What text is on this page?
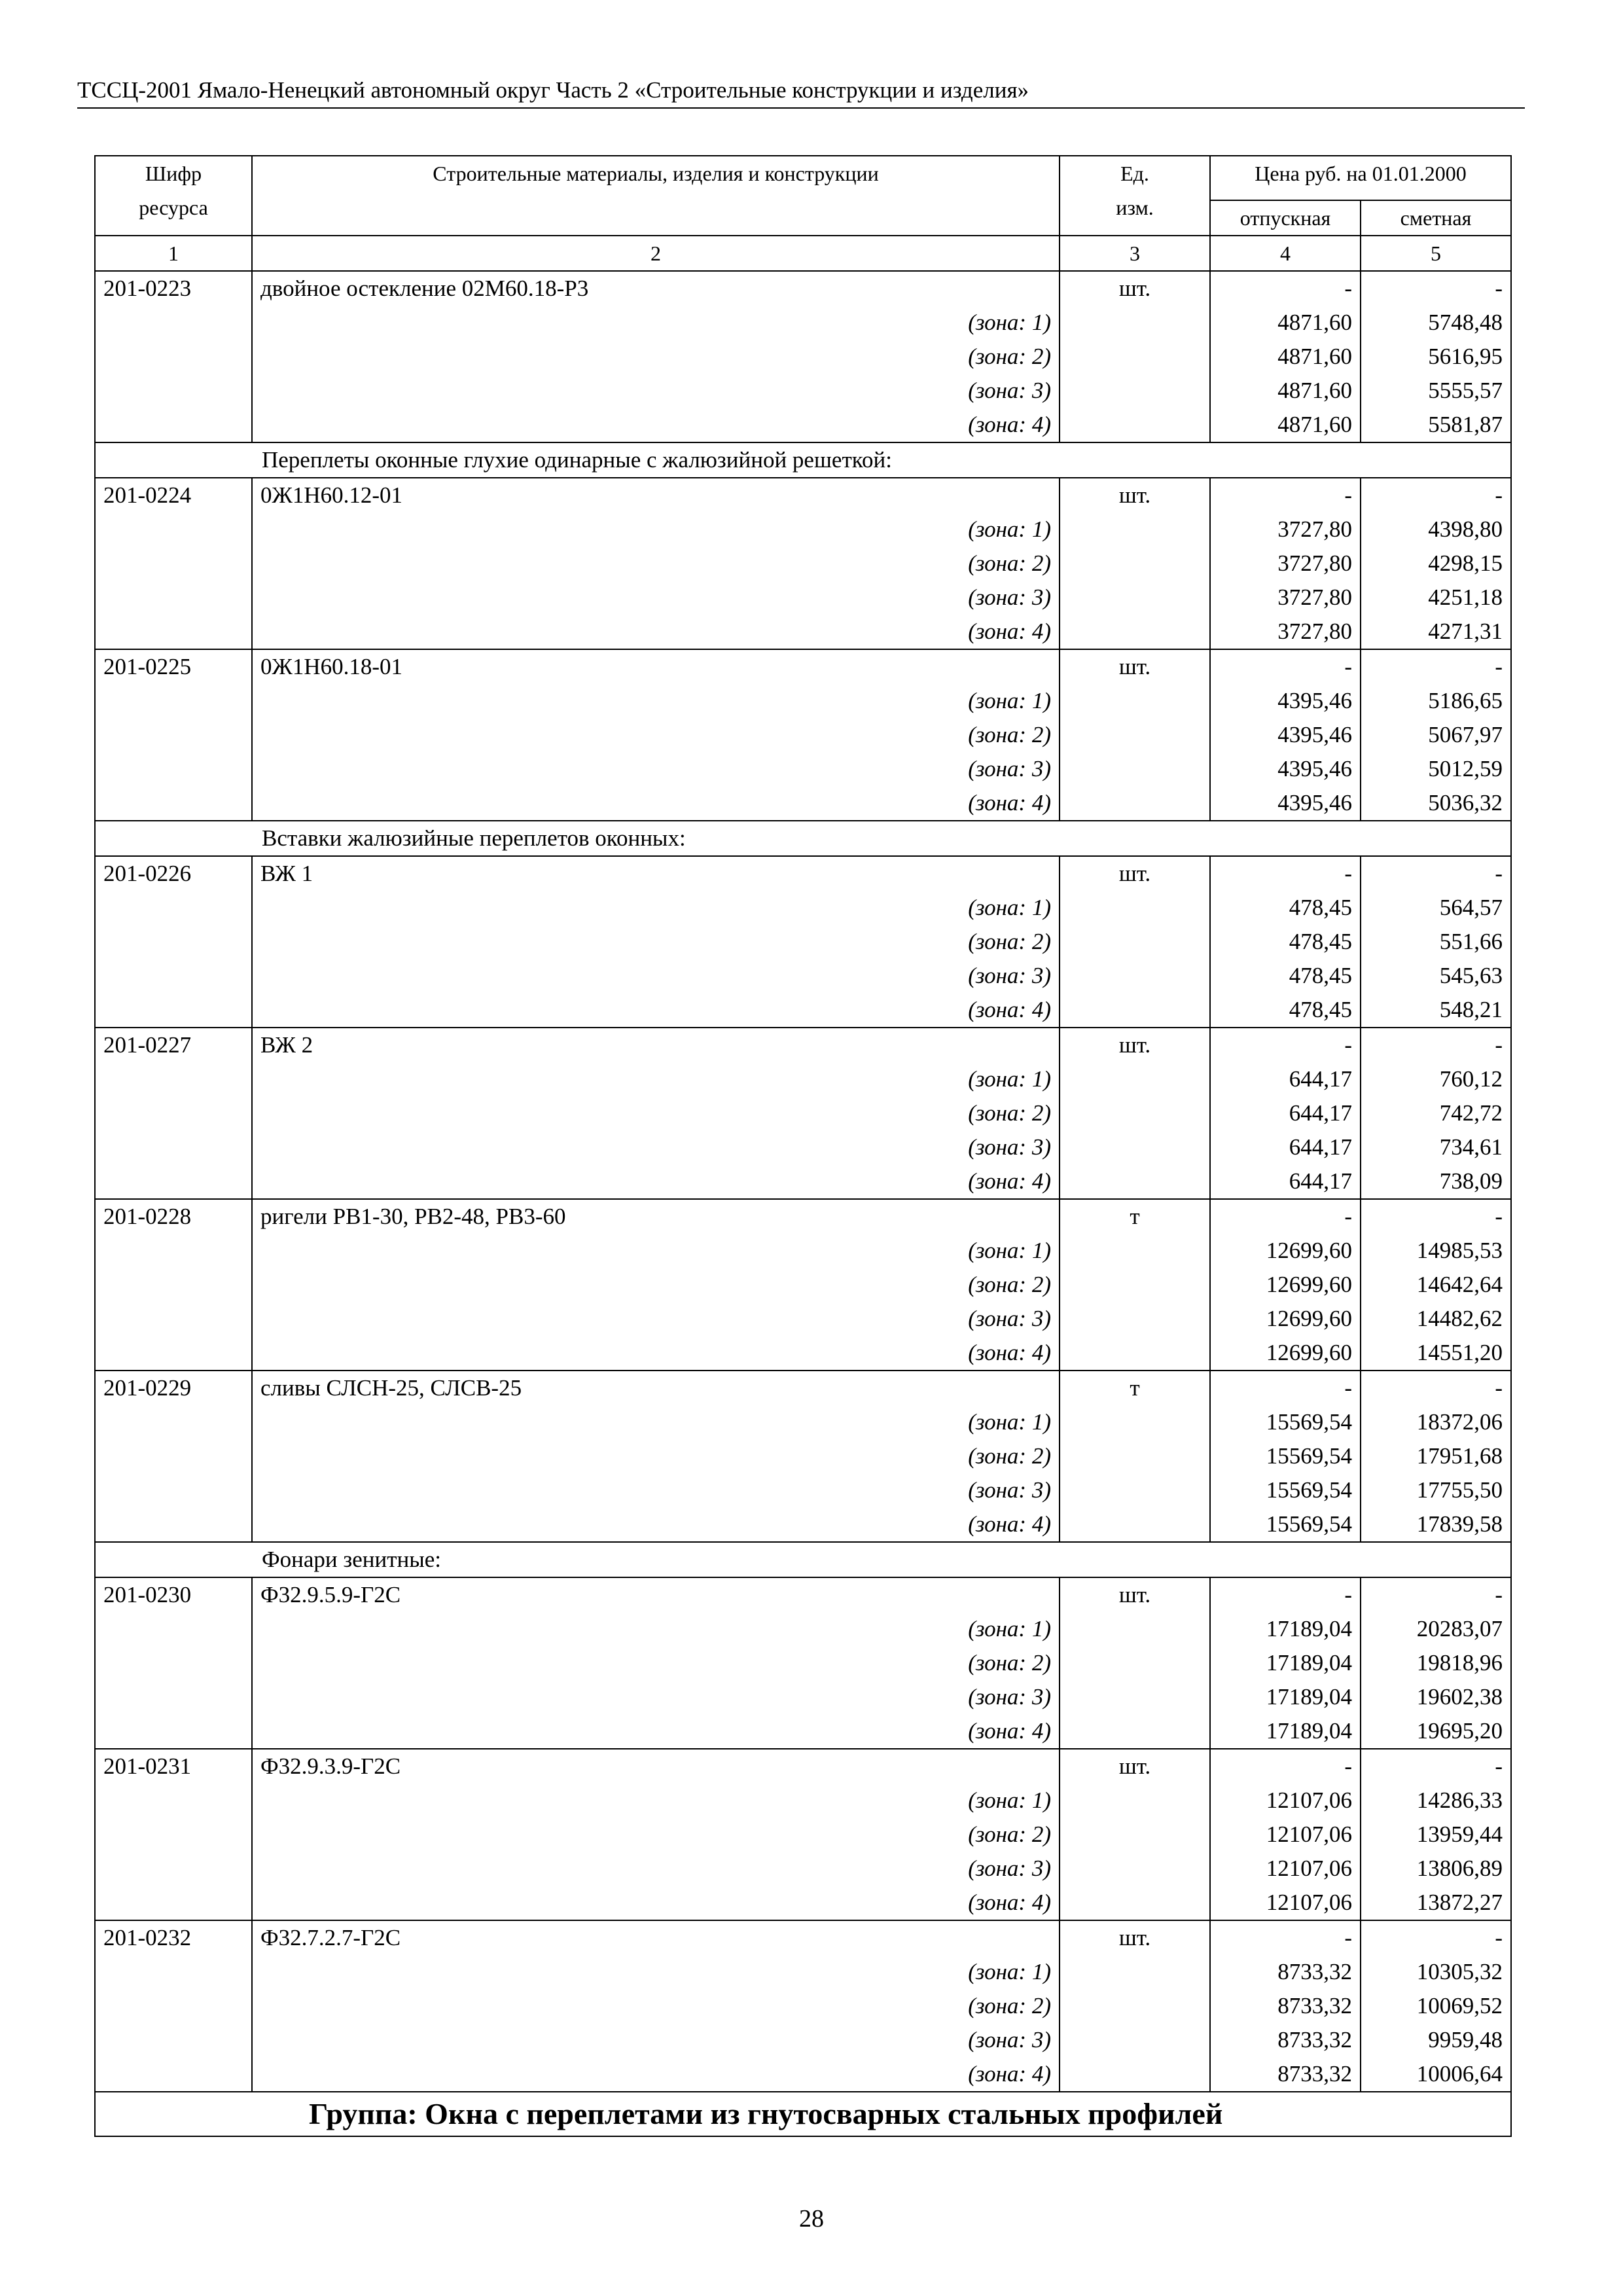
ТССЦ-2001 Ямало-Ненецкий автономный округ Часть 2 «Строительные конструкции и изделия»
Шифр ресурса	Строительные материалы, изделия и конструкции	Ед. изм.	Цена руб. на 01.01.2000	
			отпускная	сметная
1	2	3	4	5
201-0223	двойное остекление 02М60.18-Р3	шт.	-	-
	(зона: 1)		4871,60	5748,48
	(зона: 2)		4871,60	5616,95
	(зона: 3)		4871,60	5555,57
	(зона: 4)		4871,60	5581,87
Переплеты оконные глухие одинарные с жалюзийной решеткой:				
201-0224	0Ж1Н60.12-01	шт.	-	-
	(зона: 1)		3727,80	4398,80
	(зона: 2)		3727,80	4298,15
	(зона: 3)		3727,80	4251,18
	(зона: 4)		3727,80	4271,31
201-0225	0Ж1Н60.18-01	шт.	-	-
	(зона: 1)		4395,46	5186,65
	(зона: 2)		4395,46	5067,97
	(зона: 3)		4395,46	5012,59
	(зона: 4)		4395,46	5036,32
Вставки жалюзийные переплетов оконных:				
201-0226	ВЖ 1	шт.	-	-
	(зона: 1)		478,45	564,57
	(зона: 2)		478,45	551,66
	(зона: 3)		478,45	545,63
	(зона: 4)		478,45	548,21
201-0227	ВЖ 2	шт.	-	-
	(зона: 1)		644,17	760,12
	(зона: 2)		644,17	742,72
	(зона: 3)		644,17	734,61
	(зона: 4)		644,17	738,09
201-0228	ригели РВ1-30, РВ2-48, РВ3-60	т	-	-
	(зона: 1)		12699,60	14985,53
	(зона: 2)		12699,60	14642,64
	(зона: 3)		12699,60	14482,62
	(зона: 4)		12699,60	14551,20
201-0229	сливы СЛСН-25, СЛСВ-25	т	-	-
	(зона: 1)		15569,54	18372,06
	(зона: 2)		15569,54	17951,68
	(зона: 3)		15569,54	17755,50
	(зона: 4)		15569,54	17839,58
Фонари зенитные:				
201-0230	Ф32.9.5.9-Г2С	шт.	-	-
	(зона: 1)		17189,04	20283,07
	(зона: 2)		17189,04	19818,96
	(зона: 3)		17189,04	19602,38
	(зона: 4)		17189,04	19695,20
201-0231	Ф32.9.3.9-Г2С	шт.	-	-
	(зона: 1)		12107,06	14286,33
	(зона: 2)		12107,06	13959,44
	(зона: 3)		12107,06	13806,89
	(зона: 4)		12107,06	13872,27
201-0232	Ф32.7.2.7-Г2С	шт.	-	-
	(зона: 1)		8733,32	10305,32
	(зона: 2)		8733,32	10069,52
	(зона: 3)		8733,32	9959,48
	(зона: 4)		8733,32	10006,64
Группа: Окна с переплетами из гнутосварных стальных профилей				
28
